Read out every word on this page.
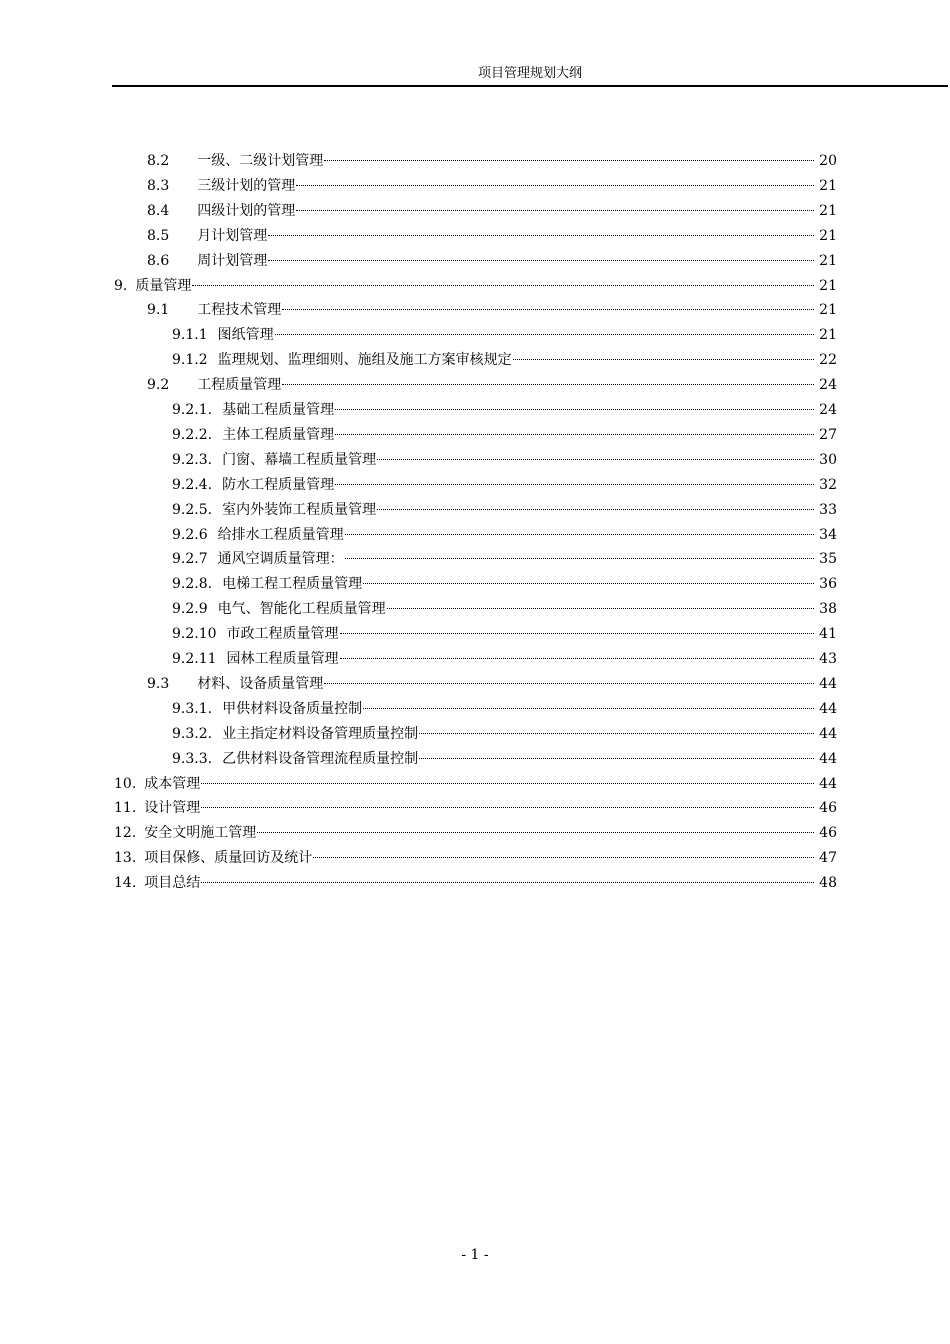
项目管理规划大纲
8.2 一级、二级计划管理	20
8.3 三级计划的管理	21
8.4 四级计划的管理	21
8.5 月计划管理	21
8.6 周计划管理	21
9. 质量管理	21
9.1 工程技术管理	21
9.1.1 图纸管理	21
9.1.2 监理规划、监理细则、施组及施工方案审核规定	22
9.2 工程质量管理	24
9.2.1. 基础工程质量管理	24
9.2.2. 主体工程质量管理	27
9.2.3. 门窗、幕墙工程质量管理	30
9.2.4. 防水工程质量管理	32
9.2.5. 室内外装饰工程质量管理	33
9.2.6 给排水工程质量管理	34
9.2.7 通风空调质量管理：	35
9.2.8. 电梯工程工程质量管理	36
9.2.9 电气、智能化工程质量管理	38
9.2.10 市政工程质量管理	41
9.2.11 园林工程质量管理	43
9.3 材料、设备质量管理	44
9.3.1. 甲供材料设备质量控制	44
9.3.2. 业主指定材料设备管理质量控制	44
9.3.3. 乙供材料设备管理流程质量控制	44
10. 成本管理	44
11. 设计管理	46
12. 安全文明施工管理	46
13. 项目保修、质量回访及统计	47
14. 项目总结	48
- 1 -
